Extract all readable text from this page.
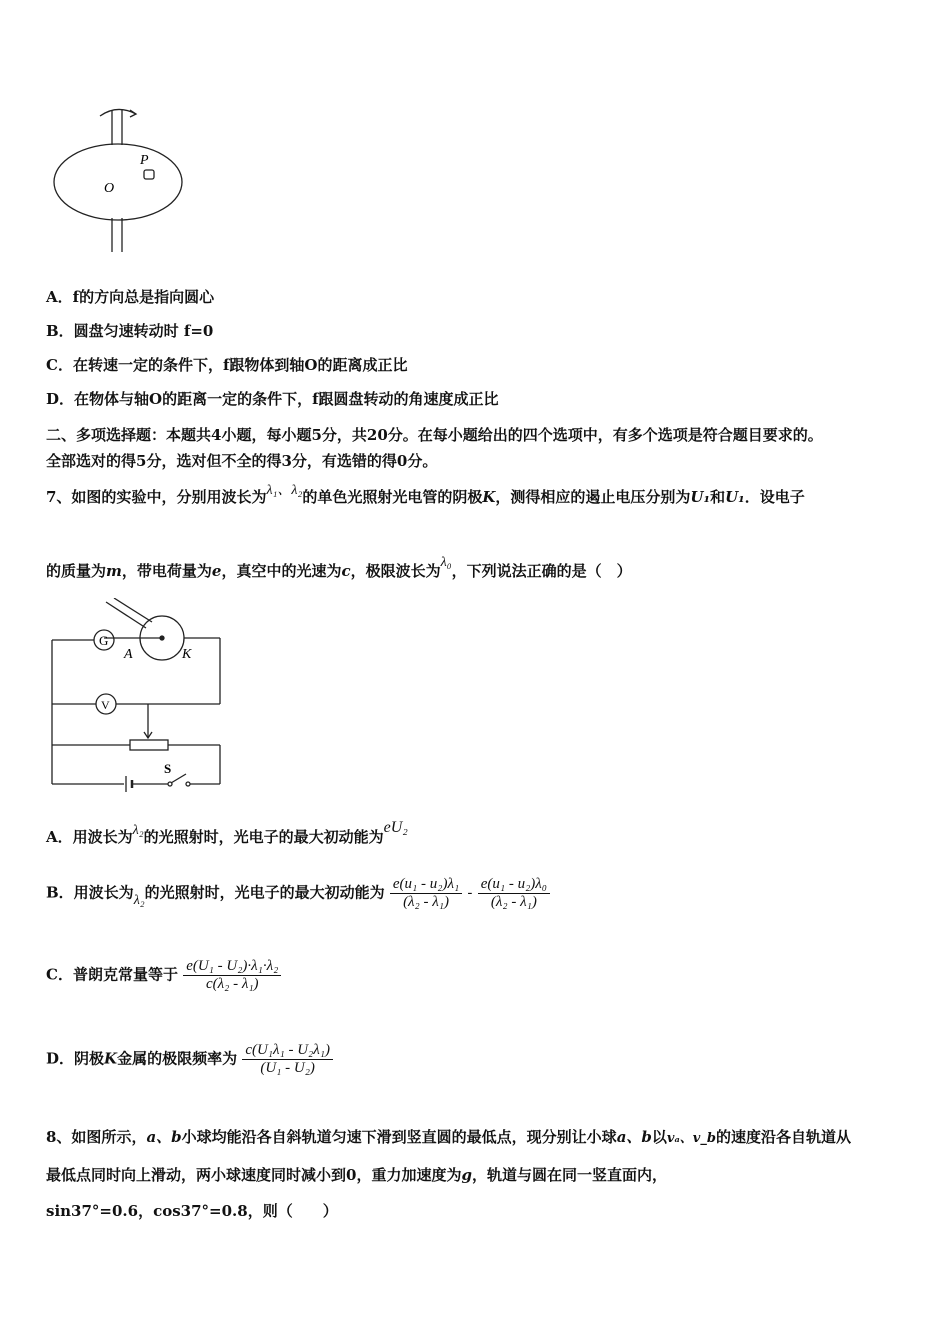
P
O
A．f的方向总是指向圆心
B．圆盘匀速转动时 f=0
C．在转速一定的条件下，f跟物体到轴O的距离成正比
D．在物体与轴O的距离一定的条件下，f跟圆盘转动的角速度成正比
二、多项选择题：本题共4小题，每小题5分，共20分。在每小题给出的四个选项中，有多个选项是符合题目要求的。
全部选对的得5分，选对但不全的得3分，有选错的得0分。
7、如图的实验中，分别用波长为λ₁、λ₂的单色光照射光电管的阴极K，测得相应的遏止电压分别为U₁和U₁．设电子
的质量为m，带电荷量为e，真空中的光速为c，极限波长为λ₀，下列说法正确的是（　）
G
V
A	K
S
A．用波长为λ₂的光照射时，光电子的最大初动能为eU₂
B．用波长为λ₂的光照射时，光电子的最大初动能为 $\frac{\text{e(u₁ - u₂)λ₁}}{\text{(λ₂ - λ₁)}} - \frac{\text{e(u₁ - u₂)λ₀}}{\text{(λ₂ - λ₁)}}$
C．普朗克常量等于 $\frac{\text{e(U₁ - U₂)·λ₁·λ₂}}{\text{c(λ₂ - λ₁)}}$
D．阴极K金属的极限频率为 $\frac{\text{c(U₁λ₁ - U₂λ₁)}}{\text{(U₁ - U₂)}}$
8、如图所示，a、b小球均能沿各自斜轨道匀速下滑到竖直圆的最低点，现分别让小球a、b以vₐ、v_b的速度沿各自轨道从
最低点同时向上滑动，两小球速度同时减小到0，重力加速度为g，轨道与圆在同一竖直面内，
sin37°=0.6，cos37°=0.8，则（　　）
